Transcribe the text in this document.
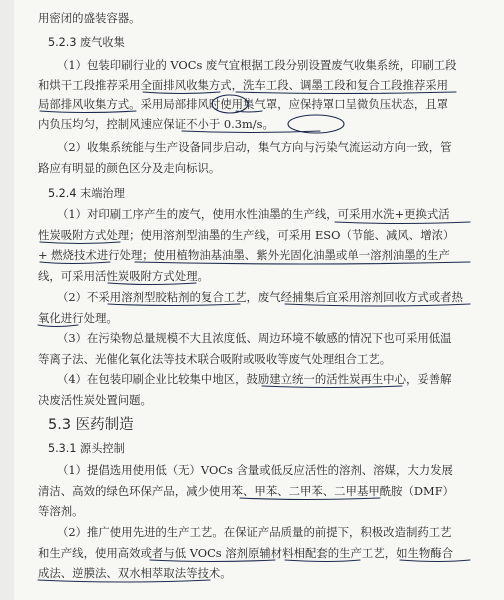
用密闭的盛装容器。
5.2.3 废气收集
（1）包装印刷行业的 VOCs 废气宜根据工段分别设置废气收集系统，印刷工段
和烘干工段推荐采用全面排风收集方式，洗车工段、调墨工段和复合工段推荐采用
局部排风收集方式。采用局部排风时使用集气罩，应保持罩口呈微负压状态，且罩
内负压均匀，控制风速应保证不小于 0.3m/s。
（2）收集系统能与生产设备同步启动，集气方向与污染气流运动方向一致，管
路应有明显的颜色区分及走向标识。
5.2.4 末端治理
（1）对印刷工序产生的废气，使用水性油墨的生产线，可采用水洗+更换式活
性炭吸附方式处理；使用溶剂型油墨的生产线，可采用 ESO（节能、减风、增浓）
+ 燃烧技术进行处理；使用植物油基油墨、紫外光固化油墨或单一溶剂油墨的生产
线，可采用活性炭吸附方式处理。
（2）不采用溶剂型胶粘剂的复合工艺，废气经捕集后宜采用溶剂回收方式或者热
氧化进行处理。
（3）在污染物总量规模不大且浓度低、周边环境不敏感的情况下也可采用低温
等离子法、光催化氧化法等技术联合吸附或吸收等废气处理组合工艺。
（4）在包装印刷企业比较集中地区，鼓励建立统一的活性炭再生中心，妥善解
决废活性炭处置问题。
5.3 医药制造
5.3.1 源头控制
（1）提倡选用使用低（无）VOCs 含量或低反应活性的溶剂、溶媒，大力发展
清洁、高效的绿色环保产品，减少使用苯、甲苯、二甲苯、二甲基甲酰胺（DMF）
等溶剂。
（2）推广使用先进的生产工艺。在保证产品质量的前提下，积极改造制药工艺
和生产线，使用高效或者与低 VOCs 溶剂原辅材料相配套的生产工艺，如生物酶合
成法、逆膜法、双水相萃取法等技术。
